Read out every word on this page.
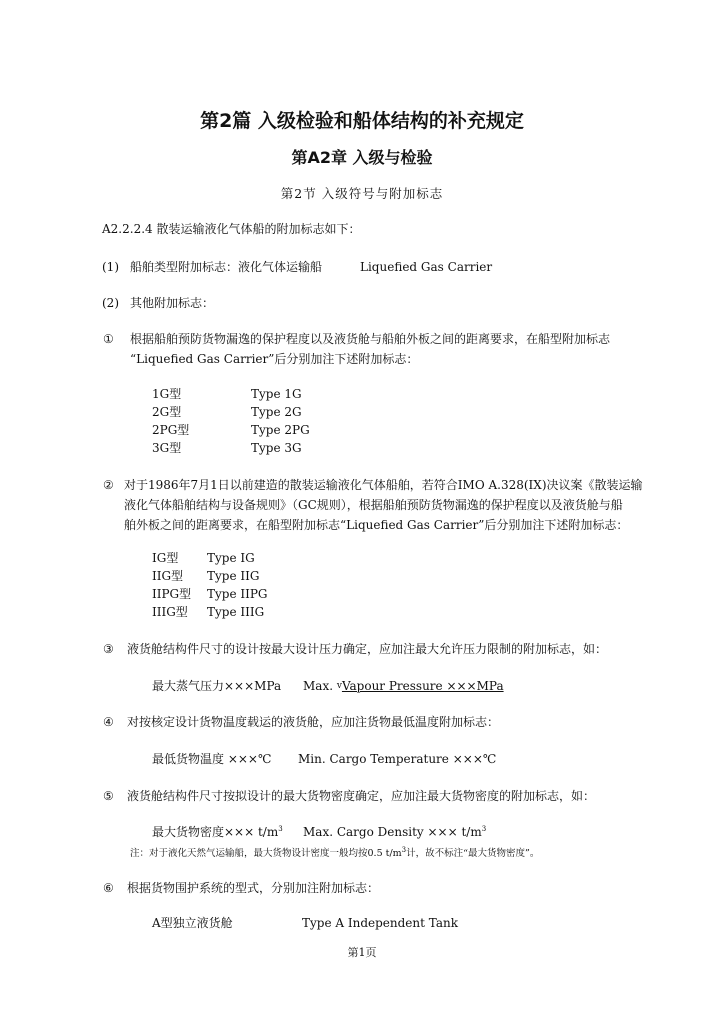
第2篇 入级检验和船体结构的补充规定
第A2章 入级与检验
第2节 入级符号与附加标志
A2.2.2.4 散装运输液化气体船的附加标志如下：
(1) 船舶类型附加标志：液化气体运输船	Liquefied Gas Carrier
(2) 其他附加标志：
① 根据船舶预防货物漏逸的保护程度以及液货舱与船舶外板之间的距离要求，在船型附加标志
“Liquefied Gas Carrier”后分别加注下述附加标志：
1G型	Type 1G
2G型	Type 2G
2PG型	Type 2PG
3G型	Type 3G
② 对于1986年7月1日以前建造的散装运输液化气体船舶，若符合IMO A.328(IX)决议案《散装运输
液化气体船舶结构与设备规则》（GC规则），根据船舶预防货物漏逸的保护程度以及液货舱与船
舶外板之间的距离要求，在船型附加标志“Liquefied Gas Carrier”后分别加注下述附加标志：
IG型 Type IG
IIG型 Type IIG
IIPG型 Type IIPG
IIIG型 Type IIIG
③ 液货舱结构件尺寸的设计按最大设计压力确定，应加注最大允许压力限制的附加标志，如：
最大蒸气压力×××MPa Max. vVapour Pressure ×××MPa
④ 对按核定设计货物温度载运的液货舱，应加注货物最低温度附加标志：
最低货物温度 ×××℃ Min. Cargo Temperature ×××℃
⑤ 液货舱结构件尺寸按拟设计的最大货物密度确定，应加注最大货物密度的附加标志，如：
最大货物密度××× $t/m^3$ Max. Cargo Density ××× $t/m^3$
注：对于液化天然气运输船，最大货物设计密度一般均按0.5 $t/m^3$计，故不标注“最大货物密度”。
⑥ 根据货物围护系统的型式，分别加注附加标志：
A型独立液货舱	Type A Independent Tank
第1页
